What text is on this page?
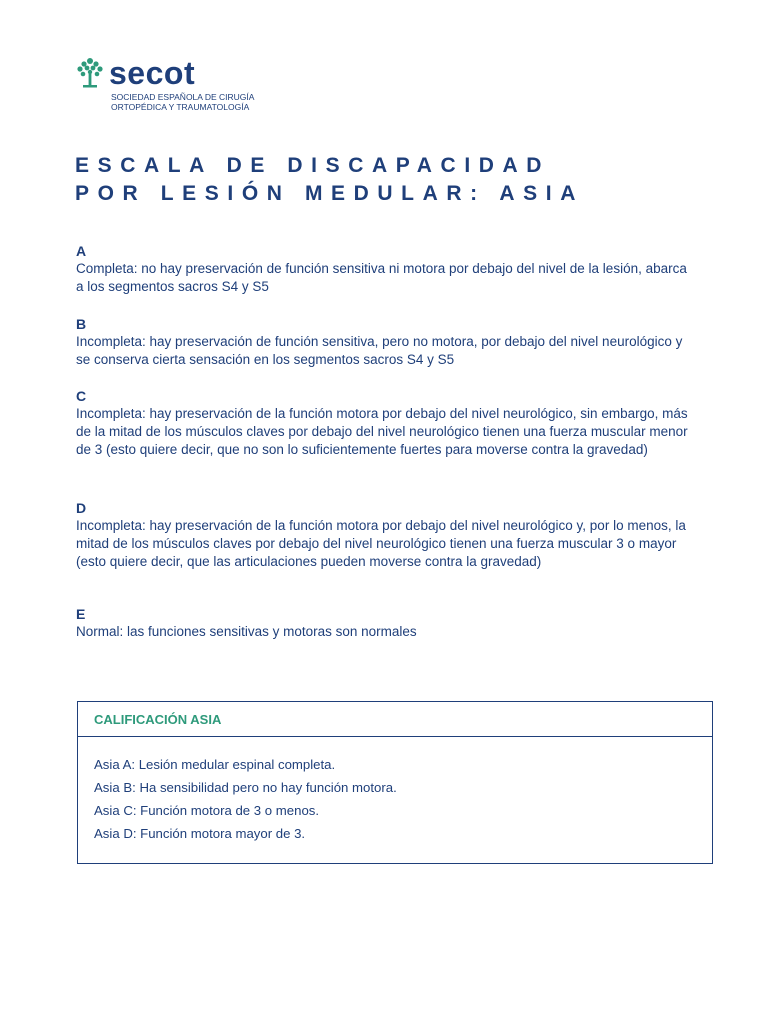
secot
SOCIEDAD ESPAÑOLA DE CIRUGÍA
ORTOPÉDICA Y TRAUMATOLOGÍA
ESCALA DE DISCAPACIDAD
POR LESIÓN MEDULAR: ASIA
A
Completa: no hay preservación de función sensitiva ni motora por debajo del nivel de la lesión, abarca a los segmentos sacros S4 y S5
B
Incompleta: hay preservación de función sensitiva, pero no motora, por debajo del nivel neurológico y se conserva cierta sensación en los segmentos sacros S4 y S5
C
Incompleta: hay preservación de la función motora por debajo del nivel neurológico, sin embargo, más de la mitad de los músculos claves por debajo del nivel neurológico tienen una fuerza muscular menor de 3 (esto quiere decir, que no son lo suficientemente fuertes para moverse contra la gravedad)
D
Incompleta: hay preservación de la función motora por debajo del nivel neurológico y, por lo menos, la mitad de los músculos claves por debajo del nivel neurológico tienen una fuerza muscular 3 o mayor (esto quiere decir, que las articulaciones pueden moverse contra la gravedad)
E
Normal: las funciones sensitivas y motoras son normales
CALIFICACIÓN ASIA
Asia A: Lesión medular espinal completa.
Asia B: Ha sensibilidad pero no hay función motora.
Asia C: Función motora de 3 o menos.
Asia D: Función motora mayor de 3.
